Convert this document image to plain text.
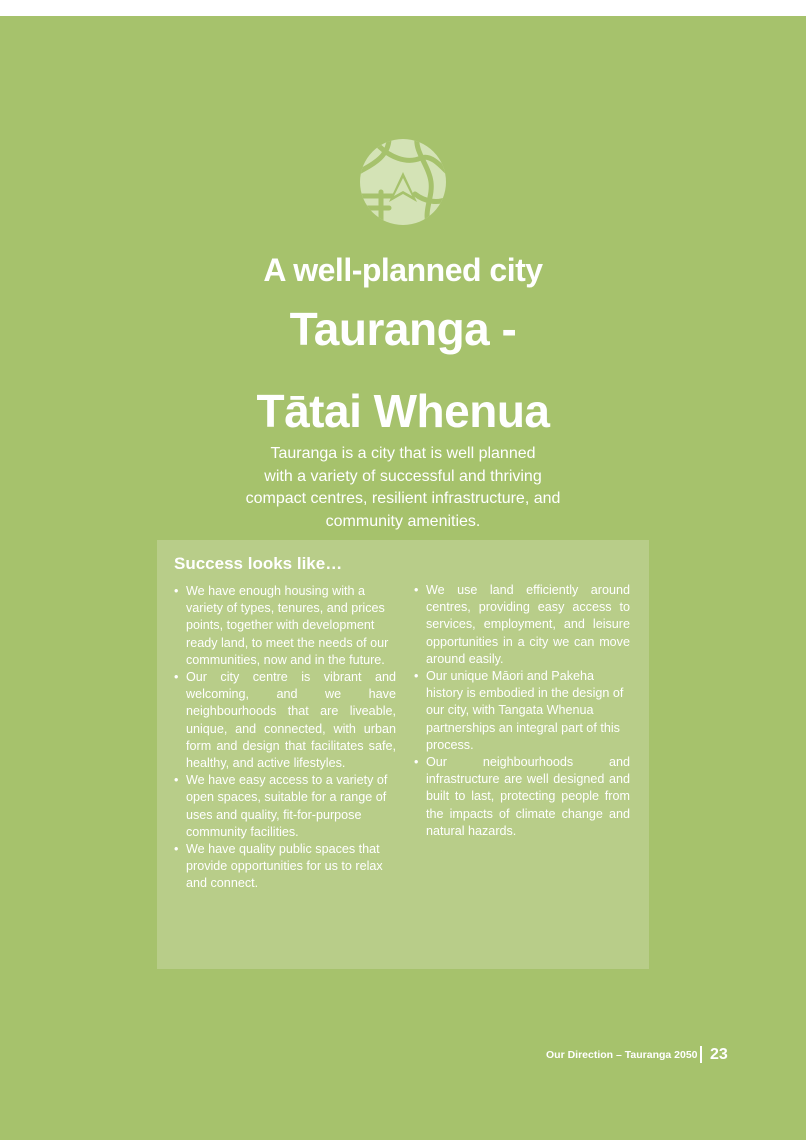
A well-planned city
Tauranga -
Tātai Whenua
Tauranga is a city that is well planned
with a variety of successful and thriving
compact centres, resilient infrastructure, and
community amenities.
Success looks like…
• We have enough housing with a variety of types, tenures, and prices points, together with development ready land, to meet the needs of our communities, now and in the future.
• Our city centre is vibrant and welcoming, and we have neighbourhoods that are liveable, unique, and connected, with urban form and design that facilitates safe, healthy, and active lifestyles.
• We have easy access to a variety of open spaces, suitable for a range of uses and quality, fit-for-purpose community facilities.
• We have quality public spaces that provide opportunities for us to relax and connect.
• We use land efficiently around centres, providing easy access to services, employment, and leisure opportunities in a city we can move around easily.
• Our unique Māori and Pakeha history is embodied in the design of our city, with Tangata Whenua partnerships an integral part of this process.
• Our neighbourhoods and infrastructure are well designed and built to last, protecting people from the impacts of climate change and natural hazards.
Our Direction – Tauranga 2050 23
